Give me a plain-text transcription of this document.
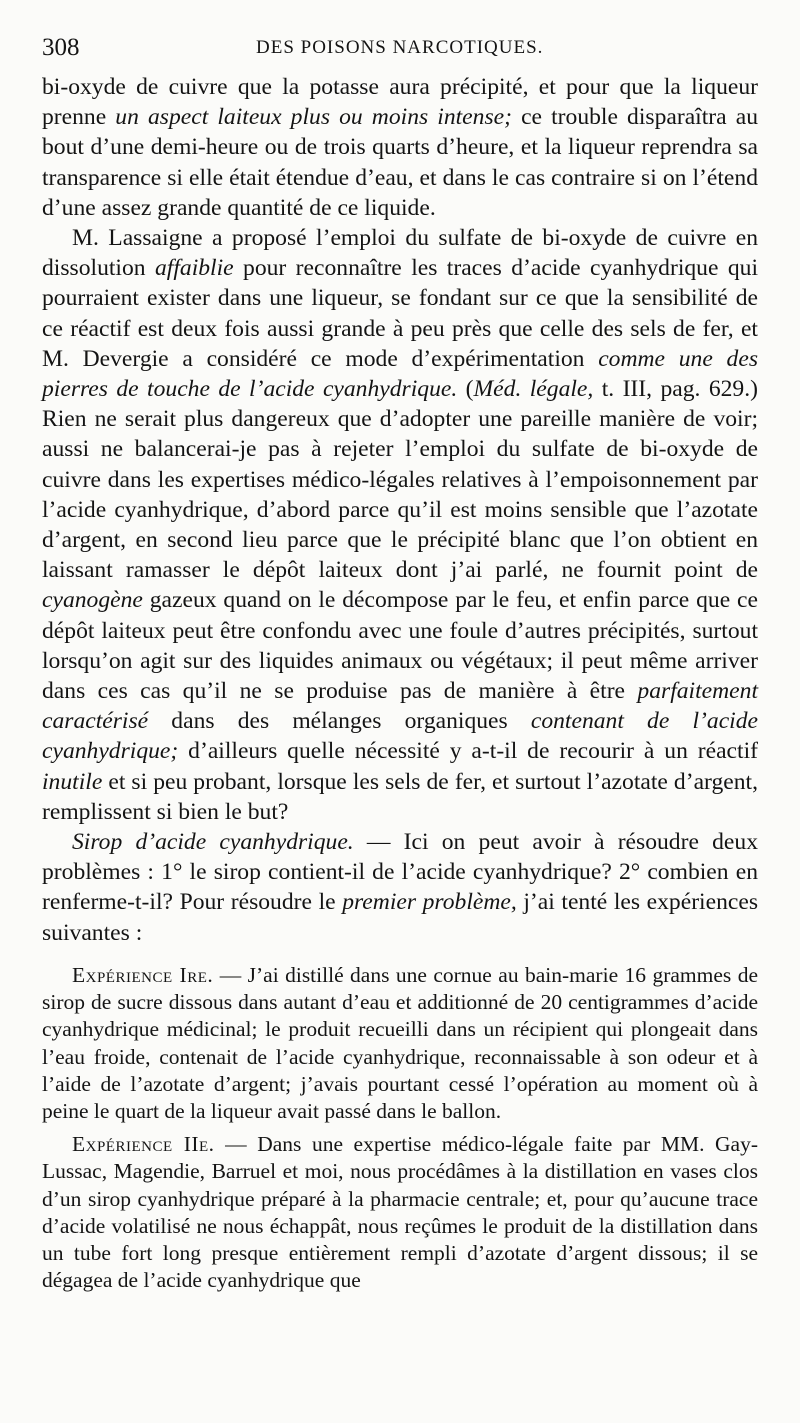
308	DES POISONS NARCOTIQUES.

bi-oxyde de cuivre que la potasse aura précipité, et pour que la liqueur prenne un aspect laiteux plus ou moins intense; ce trouble disparaîtra au bout d’une demi-heure ou de trois quarts d’heure, et la liqueur reprendra sa transparence si elle était étendue d’eau, et dans le cas contraire si on l’étend d’une assez grande quantité de ce liquide.

M. Lassaigne a proposé l’emploi du sulfate de bi-oxyde de cuivre en dissolution affaiblie pour reconnaître les traces d’acide cyanhydrique qui pourraient exister dans une liqueur, se fondant sur ce que la sensibilité de ce réactif est deux fois aussi grande à peu près que celle des sels de fer, et M. Devergie a considéré ce mode d’expérimentation comme une des pierres de touche de l’acide cyanhydrique. (Méd. légale, t. III, pag. 629.) Rien ne serait plus dangereux que d’adopter une pareille manière de voir; aussi ne balancerai-je pas à rejeter l’emploi du sulfate de bi-oxyde de cuivre dans les expertises médico-légales relatives à l’empoisonnement par l’acide cyanhydrique, d’abord parce qu’il est moins sensible que l’azotate d’argent, en second lieu parce que le précipité blanc que l’on obtient en laissant ramasser le dépôt laiteux dont j’ai parlé, ne fournit point de cyanogène gazeux quand on le décompose par le feu, et enfin parce que ce dépôt laiteux peut être confondu avec une foule d’autres précipités, surtout lorsqu’on agit sur des liquides animaux ou végétaux; il peut même arriver dans ces cas qu’il ne se produise pas de manière à être parfaitement caractérisé dans des mélanges organiques contenant de l’acide cyanhydrique; d’ailleurs quelle nécessité y a-t-il de recourir à un réactif inutile et si peu probant, lorsque les sels de fer, et surtout l’azotate d’argent, remplissent si bien le but?

Sirop d’acide cyanhydrique. — Ici on peut avoir à résoudre deux problèmes : 1° le sirop contient-il de l’acide cyanhydrique? 2° combien en renferme-t-il? Pour résoudre le premier problème, j’ai tenté les expériences suivantes :

Expérience Ire. — J’ai distillé dans une cornue au bain-marie 16 grammes de sirop de sucre dissous dans autant d’eau et additionné de 20 centigrammes d’acide cyanhydrique médicinal; le produit recueilli dans un récipient qui plongeait dans l’eau froide, contenait de l’acide cyanhydrique, reconnaissable à son odeur et à l’aide de l’azotate d’argent; j’avais pourtant cessé l’opération au moment où à peine le quart de la liqueur avait passé dans le ballon.

Expérience IIe. — Dans une expertise médico-légale faite par MM. Gay-Lussac, Magendie, Barruel et moi, nous procédâmes à la distillation en vases clos d’un sirop cyanhydrique préparé à la pharmacie centrale; et, pour qu’aucune trace d’acide volatilisé ne nous échappât, nous reçûmes le produit de la distillation dans un tube fort long presque entièrement rempli d’azotate d’argent dissous; il se dégagea de l’acide cyanhydrique que
